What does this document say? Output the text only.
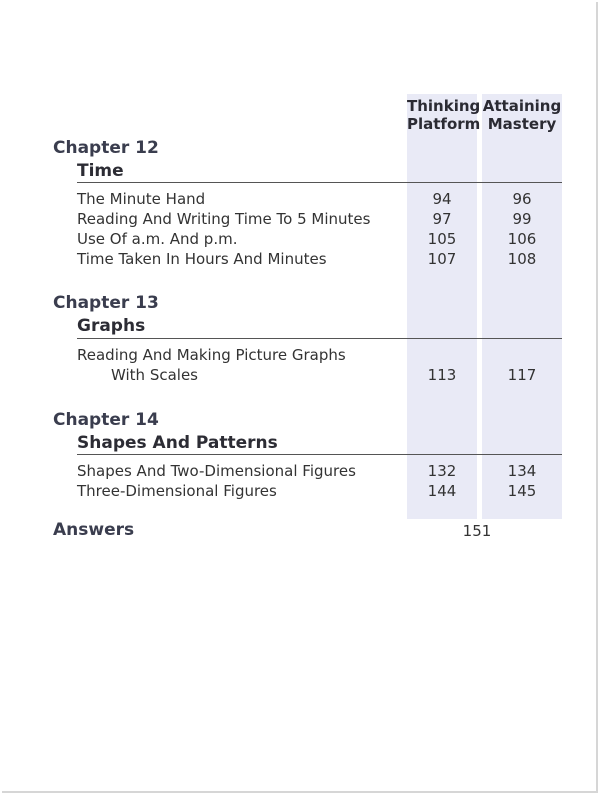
Thinking
Platform
Attaining
Mastery
Chapter 12
Time
The Minute Hand	94	96
Reading And Writing Time To 5 Minutes	97	99
Use Of a.m. And p.m.	105	106
Time Taken In Hours And Minutes	107	108
Chapter 13
Graphs
Reading And Making Picture Graphs
With Scales	113	117
Chapter 14
Shapes And Patterns
Shapes And Two-Dimensional Figures	132	134
Three-Dimensional Figures	144	145
Answers	151
